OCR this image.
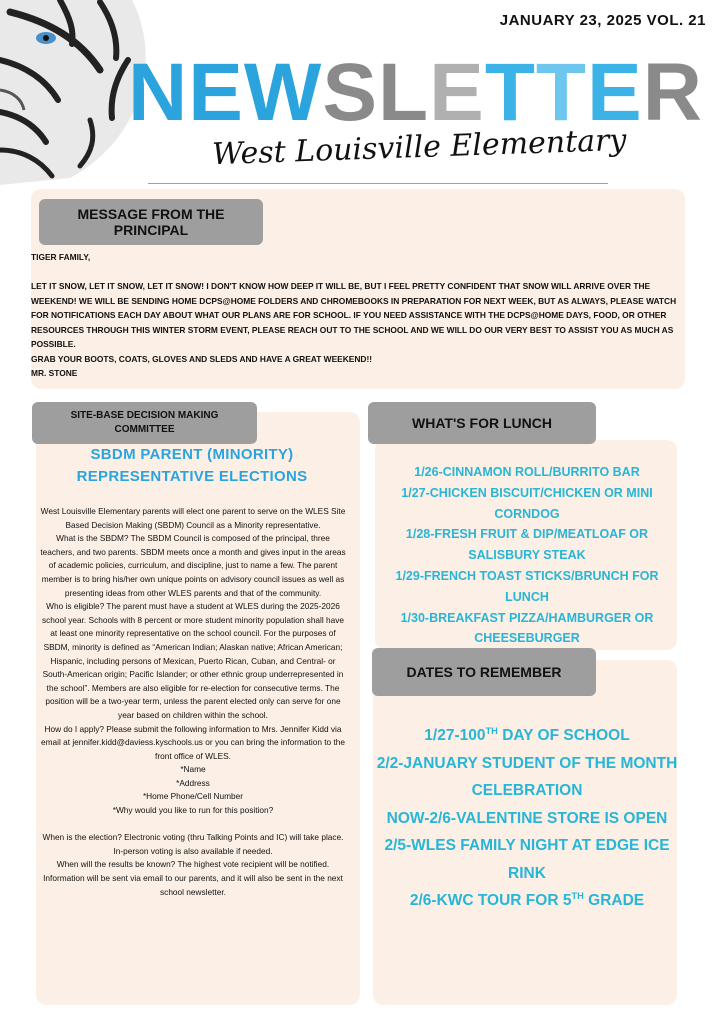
JANUARY 23, 2025 VOL. 21
NEWSLETTER
West Louisville Elementary
MESSAGE FROM THE PRINCIPAL

TIGER FAMILY,

LET IT SNOW, LET IT SNOW, LET IT SNOW! I DON'T KNOW HOW DEEP IT WILL BE, BUT I FEEL PRETTY CONFIDENT THAT SNOW WILL ARRIVE OVER THE WEEKEND! WE WILL BE SENDING HOME DCPS@HOME FOLDERS AND CHROMEBOOKS IN PREPARATION FOR NEXT WEEK, BUT AS ALWAYS, PLEASE WATCH FOR NOTIFICATIONS EACH DAY ABOUT WHAT OUR PLANS ARE FOR SCHOOL. IF YOU NEED ASSISTANCE WITH THE DCPS@HOME DAYS, FOOD, OR OTHER RESOURCES THROUGH THIS WINTER STORM EVENT, PLEASE REACH OUT TO THE SCHOOL AND WE WILL DO OUR VERY BEST TO ASSIST YOU AS MUCH AS POSSIBLE.

GRAB YOUR BOOTS, COATS, GLOVES AND SLEDS AND HAVE A GREAT WEEKEND!!

MR. STONE

SITE-BASE DECISION MAKING COMMITTEE
SBDM PARENT (MINORITY) REPRESENTATIVE ELECTIONS

West Louisville Elementary parents will elect one parent to serve on the WLES Site Based Decision Making (SBDM) Council as a Minority representative.

What is the SBDM? The SBDM Council is composed of the principal, three teachers, and two parents. SBDM meets once a month and gives input in the areas of academic policies, curriculum, and discipline, just to name a few. The parent member is to bring his/her own unique points on advisory council issues as well as presenting ideas from other WLES parents and that of the community.

Who is eligible? The parent must have a student at WLES during the 2025-2026 school year. Schools with 8 percent or more student minority population shall have at least one minority representative on the school council. For the purposes of SBDM, minority is defined as “American Indian; Alaskan native; African American; Hispanic, including persons of Mexican, Puerto Rican, Cuban, and Central- or South-American origin; Pacific Islander; or other ethnic group underrepresented in the school”. Members are also eligible for re-election for consecutive terms. The position will be a two-year term, unless the parent elected only can serve for one year based on children within the school.

How do I apply? Please submit the following information to Mrs. Jennifer Kidd via email at jennifer.kidd@daviess.kyschools.us or you can bring the information to the front office of WLES.

*Name

*Address

*Home Phone/Cell Number

*Why would you like to run for this position?

When is the election? Electronic voting (thru Talking Points and IC) will take place. In-person voting is also available if needed.

When will the results be known? The highest vote recipient will be notified. Information will be sent via email to our parents, and it will also be sent in the next school newsletter.

WHAT'S FOR LUNCH

1/26-CINNAMON ROLL/BURRITO BAR

1/27-CHICKEN BISCUIT/CHICKEN OR MINI CORNDOG

1/28-FRESH FRUIT & DIP/MEATLOAF OR SALISBURY STEAK

1/29-FRENCH TOAST STICKS/BRUNCH FOR LUNCH

1/30-BREAKFAST PIZZA/HAMBURGER OR CHEESEBURGER

DATES TO REMEMBER

1/27-100TH DAY OF SCHOOL

2/2-JANUARY STUDENT OF THE MONTH CELEBRATION

NOW-2/6-VALENTINE STORE IS OPEN

2/5-WLES FAMILY NIGHT AT EDGE ICE RINK

2/6-KWC TOUR FOR 5TH GRADE
